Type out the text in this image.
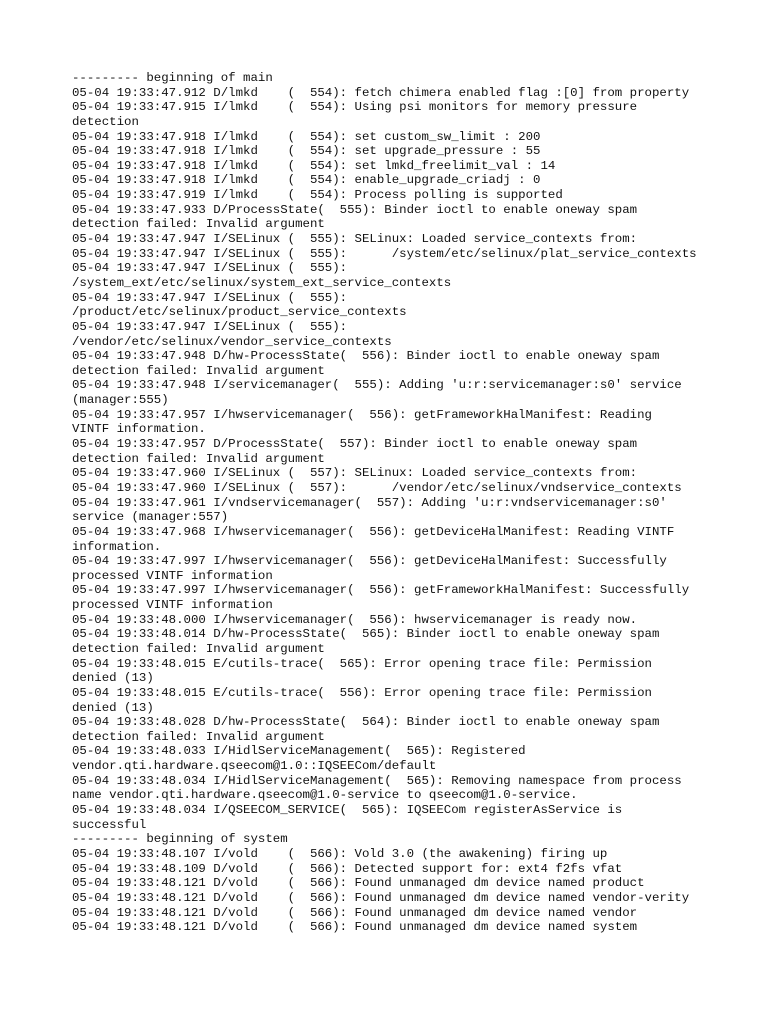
--------- beginning of main
05-04 19:33:47.912 D/lmkd    (  554): fetch chimera enabled flag :[0] from property
05-04 19:33:47.915 I/lmkd    (  554): Using psi monitors for memory pressure
detection
05-04 19:33:47.918 I/lmkd    (  554): set custom_sw_limit : 200
05-04 19:33:47.918 I/lmkd    (  554): set upgrade_pressure : 55
05-04 19:33:47.918 I/lmkd    (  554): set lmkd_freelimit_val : 14
05-04 19:33:47.918 I/lmkd    (  554): enable_upgrade_criadj : 0
05-04 19:33:47.919 I/lmkd    (  554): Process polling is supported
05-04 19:33:47.933 D/ProcessState(  555): Binder ioctl to enable oneway spam
detection failed: Invalid argument
05-04 19:33:47.947 I/SELinux (  555): SELinux: Loaded service_contexts from:
05-04 19:33:47.947 I/SELinux (  555):      /system/etc/selinux/plat_service_contexts
05-04 19:33:47.947 I/SELinux (  555):
/system_ext/etc/selinux/system_ext_service_contexts
05-04 19:33:47.947 I/SELinux (  555):
/product/etc/selinux/product_service_contexts
05-04 19:33:47.947 I/SELinux (  555):
/vendor/etc/selinux/vendor_service_contexts
05-04 19:33:47.948 D/hw-ProcessState(  556): Binder ioctl to enable oneway spam
detection failed: Invalid argument
05-04 19:33:47.948 I/servicemanager(  555): Adding 'u:r:servicemanager:s0' service
(manager:555)
05-04 19:33:47.957 I/hwservicemanager(  556): getFrameworkHalManifest: Reading
VINTF information.
05-04 19:33:47.957 D/ProcessState(  557): Binder ioctl to enable oneway spam
detection failed: Invalid argument
05-04 19:33:47.960 I/SELinux (  557): SELinux: Loaded service_contexts from:
05-04 19:33:47.960 I/SELinux (  557):      /vendor/etc/selinux/vndservice_contexts
05-04 19:33:47.961 I/vndservicemanager(  557): Adding 'u:r:vndservicemanager:s0'
service (manager:557)
05-04 19:33:47.968 I/hwservicemanager(  556): getDeviceHalManifest: Reading VINTF
information.
05-04 19:33:47.997 I/hwservicemanager(  556): getDeviceHalManifest: Successfully
processed VINTF information
05-04 19:33:47.997 I/hwservicemanager(  556): getFrameworkHalManifest: Successfully
processed VINTF information
05-04 19:33:48.000 I/hwservicemanager(  556): hwservicemanager is ready now.
05-04 19:33:48.014 D/hw-ProcessState(  565): Binder ioctl to enable oneway spam
detection failed: Invalid argument
05-04 19:33:48.015 E/cutils-trace(  565): Error opening trace file: Permission
denied (13)
05-04 19:33:48.015 E/cutils-trace(  556): Error opening trace file: Permission
denied (13)
05-04 19:33:48.028 D/hw-ProcessState(  564): Binder ioctl to enable oneway spam
detection failed: Invalid argument
05-04 19:33:48.033 I/HidlServiceManagement(  565): Registered
vendor.qti.hardware.qseecom@1.0::IQSEECom/default
05-04 19:33:48.034 I/HidlServiceManagement(  565): Removing namespace from process
name vendor.qti.hardware.qseecom@1.0-service to qseecom@1.0-service.
05-04 19:33:48.034 I/QSEECOM_SERVICE(  565): IQSEECom registerAsService is
successful
--------- beginning of system
05-04 19:33:48.107 I/vold    (  566): Vold 3.0 (the awakening) firing up
05-04 19:33:48.109 D/vold    (  566): Detected support for: ext4 f2fs vfat
05-04 19:33:48.121 D/vold    (  566): Found unmanaged dm device named product
05-04 19:33:48.121 D/vold    (  566): Found unmanaged dm device named vendor-verity
05-04 19:33:48.121 D/vold    (  566): Found unmanaged dm device named vendor
05-04 19:33:48.121 D/vold    (  566): Found unmanaged dm device named system
